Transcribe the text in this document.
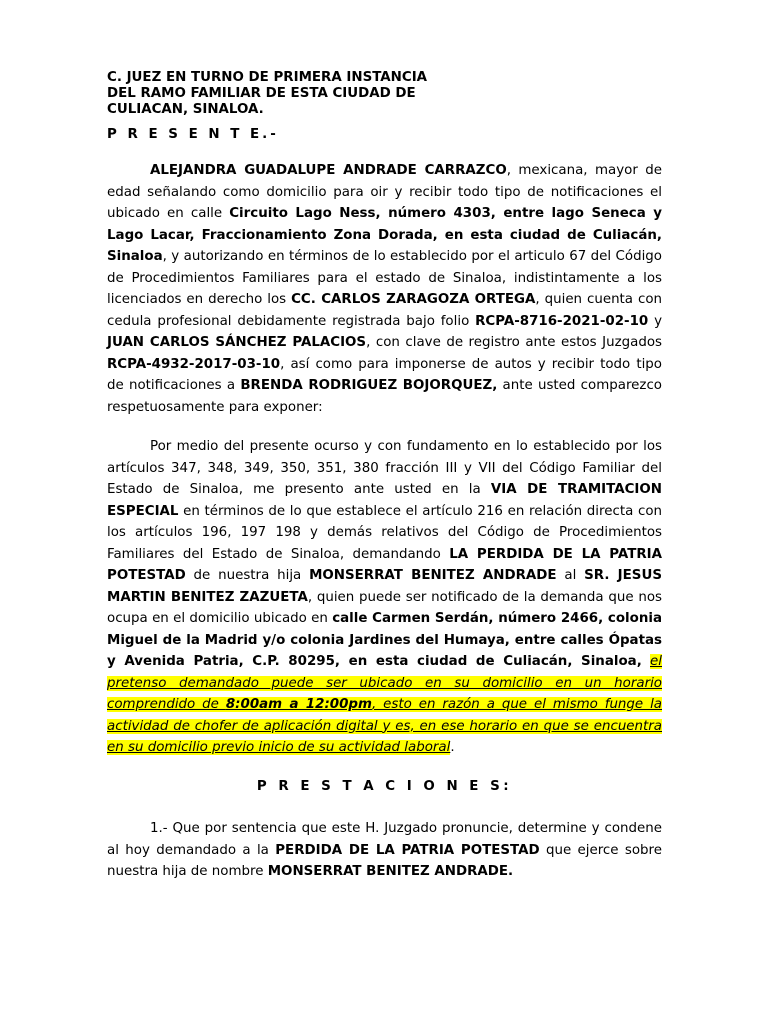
C. JUEZ EN TURNO DE PRIMERA INSTANCIA
DEL RAMO FAMILIAR DE ESTA CIUDAD DE
CULIACAN, SINALOA.
P R E S E N T E.-
ALEJANDRA GUADALUPE ANDRADE CARRAZCO, mexicana, mayor de edad señalando como domicilio para oir y recibir todo tipo de notificaciones el ubicado en calle Circuito Lago Ness, número 4303, entre lago Seneca y Lago Lacar, Fraccionamiento Zona Dorada, en esta ciudad de Culiacán, Sinaloa, y autorizando en términos de lo establecido por el articulo 67 del Código de Procedimientos Familiares para el estado de Sinaloa, indistintamente a los licenciados en derecho los CC. CARLOS ZARAGOZA ORTEGA, quien cuenta con cedula profesional debidamente registrada bajo folio RCPA-8716-2021-02-10 y JUAN CARLOS SÁNCHEZ PALACIOS, con clave de registro ante estos Juzgados RCPA-4932-2017-03-10, así como para imponerse de autos y recibir todo tipo de notificaciones a BRENDA RODRIGUEZ BOJORQUEZ, ante usted comparezco respetuosamente para exponer:
Por medio del presente ocurso y con fundamento en lo establecido por los artículos 347, 348, 349, 350, 351, 380 fracción III y VII del Código Familiar del Estado de Sinaloa, me presento ante usted en la VIA DE TRAMITACION ESPECIAL en términos de lo que establece el artículo 216 en relación directa con los artículos 196, 197 198 y demás relativos del Código de Procedimientos Familiares del Estado de Sinaloa, demandando LA PERDIDA DE LA PATRIA POTESTAD de nuestra hija MONSERRAT BENITEZ ANDRADE al SR. JESUS MARTIN BENITEZ ZAZUETA, quien puede ser notificado de la demanda que nos ocupa en el domicilio ubicado en calle Carmen Serdán, número 2466, colonia Miguel de la Madrid y/o colonia Jardines del Humaya, entre calles Ópatas y Avenida Patria, C.P. 80295, en esta ciudad de Culiacán, Sinaloa, el pretenso demandado puede ser ubicado en su domicilio en un horario comprendido de 8:00am a 12:00pm, esto en razón a que el mismo funge la actividad de chofer de aplicación digital y es, en ese horario en que se encuentra en su domicilio previo inicio de su actividad laboral.
P R E S T A C I O N E S:
1.- Que por sentencia que este H. Juzgado pronuncie, determine y condene al hoy demandado a la PERDIDA DE LA PATRIA POTESTAD que ejerce sobre nuestra hija de nombre MONSERRAT BENITEZ ANDRADE.
